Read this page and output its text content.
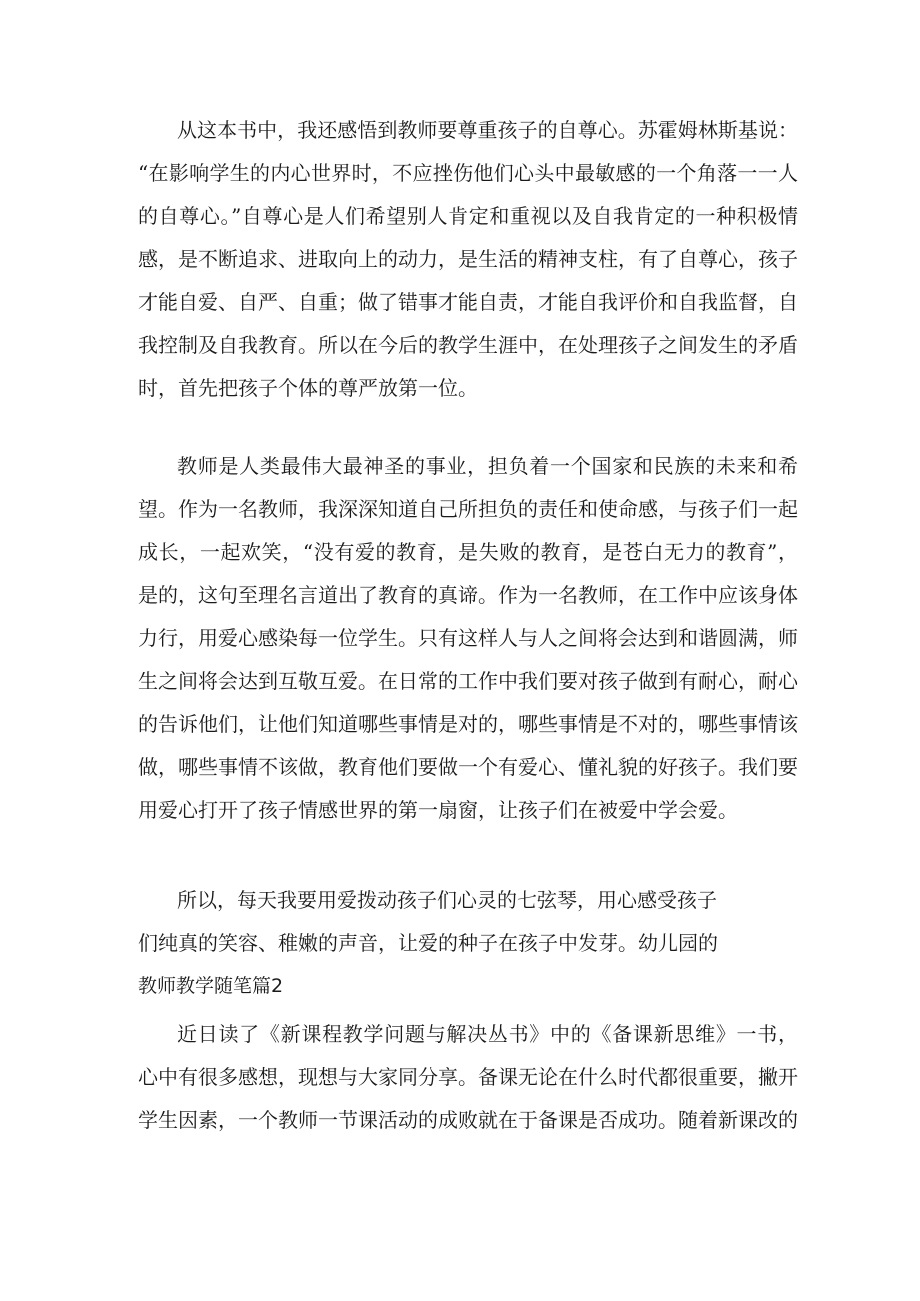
从这本书中，我还感悟到教师要尊重孩子的自尊心。苏霍姆林斯基说：
“在影响学生的内心世界时，不应挫伤他们心头中最敏感的一个角落一一人
的自尊心。”自尊心是人们希望别人肯定和重视以及自我肯定的一种积极情
感，是不断追求、进取向上的动力，是生活的精神支柱，有了自尊心，孩子
才能自爱、自严、自重；做了错事才能自责，才能自我评价和自我监督，自
我控制及自我教育。所以在今后的教学生涯中，在处理孩子之间发生的矛盾
时，首先把孩子个体的尊严放第一位。
教师是人类最伟大最神圣的事业，担负着一个国家和民族的未来和希
望。作为一名教师，我深深知道自己所担负的责任和使命感，与孩子们一起
成长，一起欢笑，“没有爱的教育，是失败的教育，是苍白无力的教育”，
是的，这句至理名言道出了教育的真谛。作为一名教师，在工作中应该身体
力行，用爱心感染每一位学生。只有这样人与人之间将会达到和谐圆满，师
生之间将会达到互敬互爱。在日常的工作中我们要对孩子做到有耐心，耐心
的告诉他们，让他们知道哪些事情是对的，哪些事情是不对的，哪些事情该
做，哪些事情不该做，教育他们要做一个有爱心、懂礼貌的好孩子。我们要
用爱心打开了孩子情感世界的第一扇窗，让孩子们在被爱中学会爱。
所以，每天我要用爱拨动孩子们心灵的七弦琴，用心感受孩子
们纯真的笑容、稚嫩的声音，让爱的种子在孩子中发芽。幼儿园的
教师教学随笔篇2
近日读了《新课程教学问题与解决丛书》中的《备课新思维》一书，
心中有很多感想，现想与大家同分享。备课无论在什么时代都很重要，撇开
学生因素，一个教师一节课活动的成败就在于备课是否成功。随着新课改的
